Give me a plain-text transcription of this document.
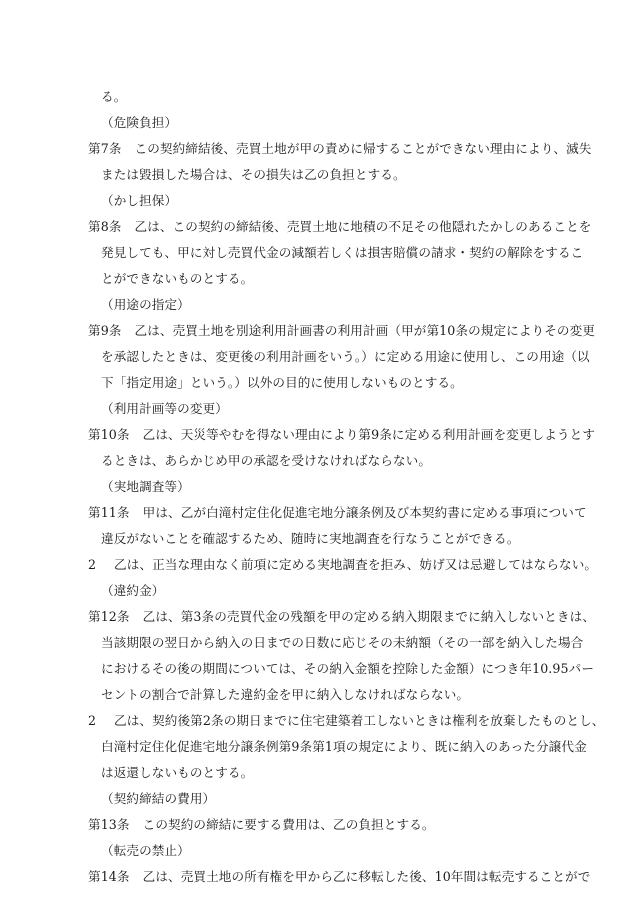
る。
（危険負担）
第7条 この契約締結後、売買土地が甲の責めに帰することができない理由により、滅失
または毀損した場合は、その損失は乙の負担とする。
（かし担保）
第8条 乙は、この契約の締結後、売買土地に地積の不足その他隠れたかしのあることを
発見しても、甲に対し売買代金の減額若しくは損害賠償の請求・契約の解除をするこ
とができないものとする。
（用途の指定）
第9条 乙は、売買土地を別途利用計画書の利用計画（甲が第10条の規定によりその変更
を承認したときは、変更後の利用計画をいう。）に定める用途に使用し、この用途（以
下「指定用途」という。）以外の目的に使用しないものとする。
（利用計画等の変更）
第10条 乙は、天災等やむを得ない理由により第9条に定める利用計画を変更しようとす
るときは、あらかじめ甲の承認を受けなければならない。
（実地調査等）
第11条 甲は、乙が白滝村定住化促進宅地分譲条例及び本契約書に定める事項について
違反がないことを確認するため、随時に実地調査を行なうことができる。
2 乙は、正当な理由なく前項に定める実地調査を拒み、妨げ又は忌避してはならない。
（違約金）
第12条 乙は、第3条の売買代金の残額を甲の定める納入期限までに納入しないときは、
当該期限の翌日から納入の日までの日数に応じその未納額（その一部を納入した場合
におけるその後の期間については、その納入金額を控除した金額）につき年10.95パー
セントの割合で計算した違約金を甲に納入しなければならない。
2 乙は、契約後第2条の期日までに住宅建築着工しないときは権利を放棄したものとし、
白滝村定住化促進宅地分譲条例第9条第1項の規定により、既に納入のあった分譲代金
は返還しないものとする。
（契約締結の費用）
第13条 この契約の締結に要する費用は、乙の負担とする。
（転売の禁止）
第14条 乙は、売買土地の所有権を甲から乙に移転した後、10年間は転売することがで
